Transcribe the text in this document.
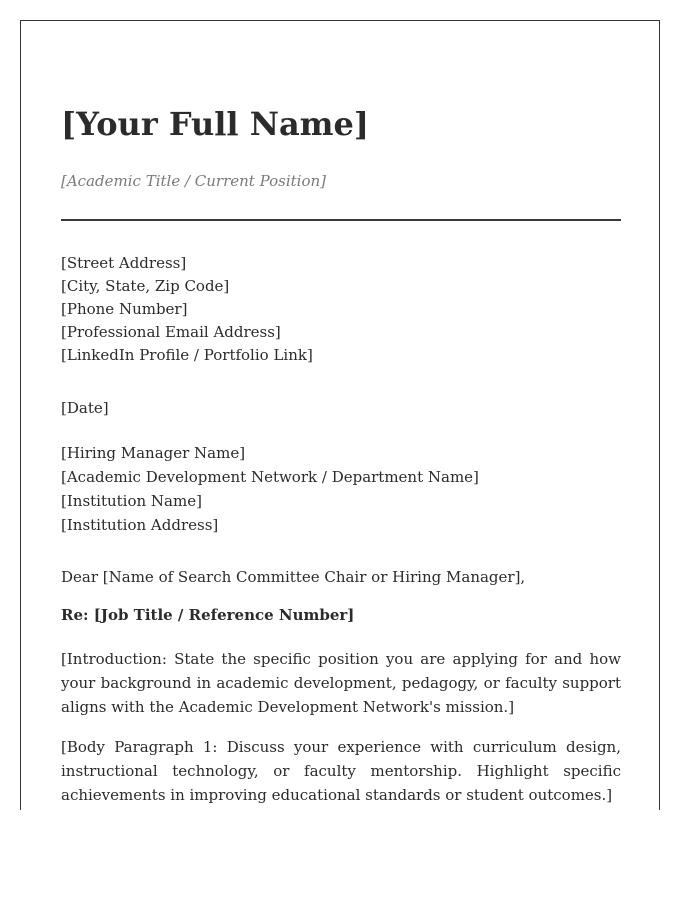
[Your Full Name]
[Academic Title / Current Position]
[Street Address]
[City, State, Zip Code]
[Phone Number]
[Professional Email Address]
[LinkedIn Profile / Portfolio Link]
[Date]
[Hiring Manager Name]
[Academic Development Network / Department Name]
[Institution Name]
[Institution Address]
Dear [Name of Search Committee Chair or Hiring Manager],
Re: [Job Title / Reference Number]

[Introduction: State the specific position you are applying for and how your background in academic development, pedagogy, or faculty support aligns with the Academic Development Network's mission.]

[Body Paragraph 1: Discuss your experience with curriculum design, instructional technology, or faculty mentorship. Highlight specific achievements in improving educational standards or student outcomes.]
